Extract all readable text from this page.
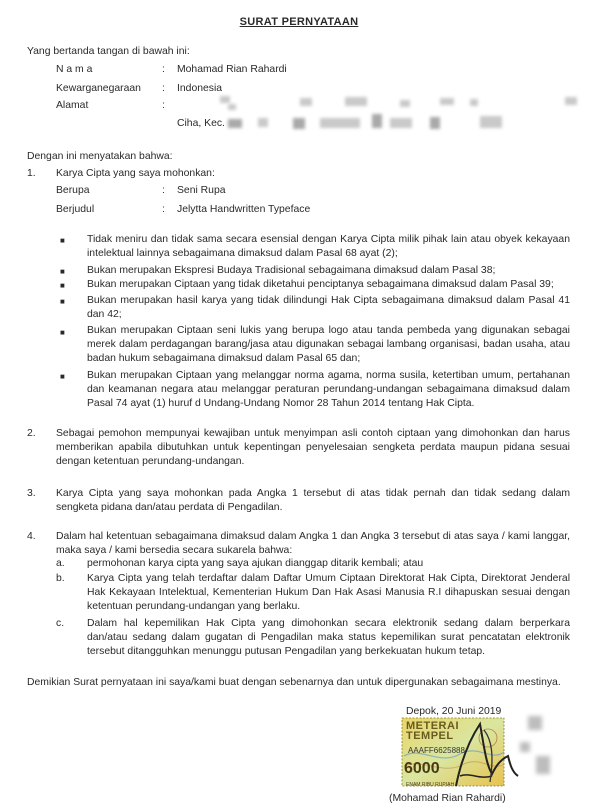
SURAT PERNYATAAN
Yang bertanda tangan di bawah ini:
N a m a	: Mohamad Rian Rahardi
Kewarganegaraan : Indonesia
Alamat	:
Ciha, Kec.
Dengan ini menyatakan bahwa:
1. Karya Cipta yang saya mohonkan:
Berupa	: Seni Rupa
Berjudul	: Jelytta Handwritten Typeface
■ Tidak meniru dan tidak sama secara esensial dengan Karya Cipta milik pihak lain atau obyek kekayaan intelektual lainnya sebagaimana dimaksud dalam Pasal 68 ayat (2);
■ Bukan merupakan Ekspresi Budaya Tradisional sebagaimana dimaksud dalam Pasal 38;
■ Bukan merupakan Ciptaan yang tidak diketahui penciptanya sebagaimana dimaksud dalam Pasal 39;
■ Bukan merupakan hasil karya yang tidak dilindungi Hak Cipta sebagaimana dimaksud dalam Pasal 41 dan 42;
■ Bukan merupakan Ciptaan seni lukis yang berupa logo atau tanda pembeda yang digunakan sebagai merek dalam perdagangan barang/jasa atau digunakan sebagai lambang organisasi, badan usaha, atau badan hukum sebagaimana dimaksud dalam Pasal 65 dan;
■ Bukan merupakan Ciptaan yang melanggar norma agama, norma susila, ketertiban umum, pertahanan dan keamanan negara atau melanggar peraturan perundang-undangan sebagaimana dimaksud dalam Pasal 74 ayat (1) huruf d Undang-Undang Nomor 28 Tahun 2014 tentang Hak Cipta.
2. Sebagai pemohon mempunyai kewajiban untuk menyimpan asli contoh ciptaan yang dimohonkan dan harus memberikan apabila dibutuhkan untuk kepentingan penyelesaian sengketa perdata maupun pidana sesuai dengan ketentuan perundang-undangan.
3. Karya Cipta yang saya mohonkan pada Angka 1 tersebut di atas tidak pernah dan tidak sedang dalam sengketa pidana dan/atau perdata di Pengadilan.
4. Dalam hal ketentuan sebagaimana dimaksud dalam Angka 1 dan Angka 3 tersebut di atas saya / kami langgar, maka saya / kami bersedia secara sukarela bahwa:
a. permohonan karya cipta yang saya ajukan dianggap ditarik kembali; atau
b. Karya Cipta yang telah terdaftar dalam Daftar Umum Ciptaan Direktorat Hak Cipta, Direktorat Jenderal Hak Kekayaan Intelektual, Kementerian Hukum Dan Hak Asasi Manusia R.I dihapuskan sesuai dengan ketentuan perundang-undangan yang berlaku.
c. Dalam hal kepemilikan Hak Cipta yang dimohonkan secara elektronik sedang dalam berperkara dan/atau sedang dalam gugatan di Pengadilan maka status kepemilikan surat pencatatan elektronik tersebut ditangguhkan menunggu putusan Pengadilan yang berkekuatan hukum tetap.
Demikian Surat pernyataan ini saya/kami buat dengan sebenarnya dan untuk dipergunakan sebagaimana mestinya.
Depok, 20 Juni 2019
METERAI
TEMPEL
AAAFF6625888
6000
ENAM RIBU RUPIAH
(Mohamad Rian Rahardi)
